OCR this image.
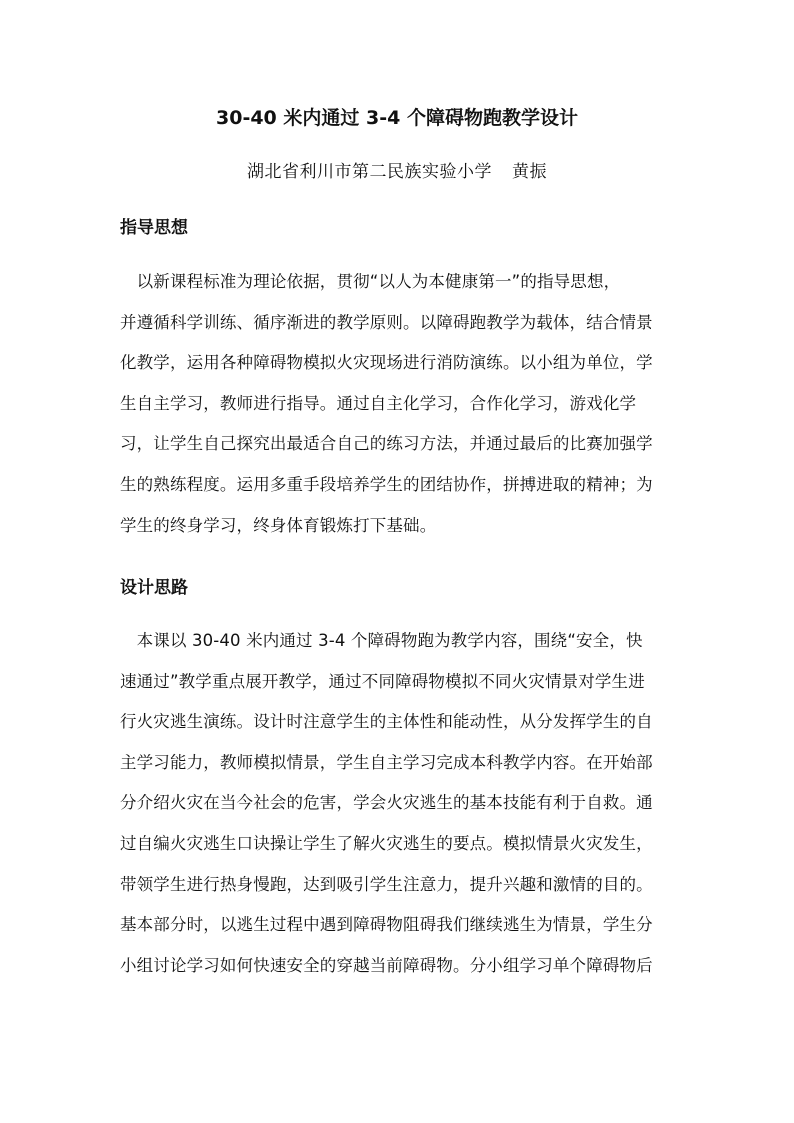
30-40 米内通过 3-4 个障碍物跑教学设计
湖北省利川市第二民族实验小学 黄振
指导思想
　以新课程标准为理论依据，贯彻“以人为本健康第一”的指导思想，
并遵循科学训练、循序渐进的教学原则。以障碍跑教学为载体，结合情景
化教学，运用各种障碍物模拟火灾现场进行消防演练。以小组为单位，学
生自主学习，教师进行指导。通过自主化学习，合作化学习，游戏化学
习，让学生自己探究出最适合自己的练习方法，并通过最后的比赛加强学
生的熟练程度。运用多重手段培养学生的团结协作，拼搏进取的精神；为
学生的终身学习，终身体育锻炼打下基础。
设计思路
　本课以 30-40 米内通过 3-4 个障碍物跑为教学内容，围绕“安全，快
速通过”教学重点展开教学，通过不同障碍物模拟不同火灾情景对学生进
行火灾逃生演练。设计时注意学生的主体性和能动性，从分发挥学生的自
主学习能力，教师模拟情景，学生自主学习完成本科教学内容。在开始部
分介绍火灾在当今社会的危害，学会火灾逃生的基本技能有利于自救。通
过自编火灾逃生口诀操让学生了解火灾逃生的要点。模拟情景火灾发生，
带领学生进行热身慢跑，达到吸引学生注意力，提升兴趣和激情的目的。
基本部分时，以逃生过程中遇到障碍物阻碍我们继续逃生为情景，学生分
小组讨论学习如何快速安全的穿越当前障碍物。分小组学习单个障碍物后
